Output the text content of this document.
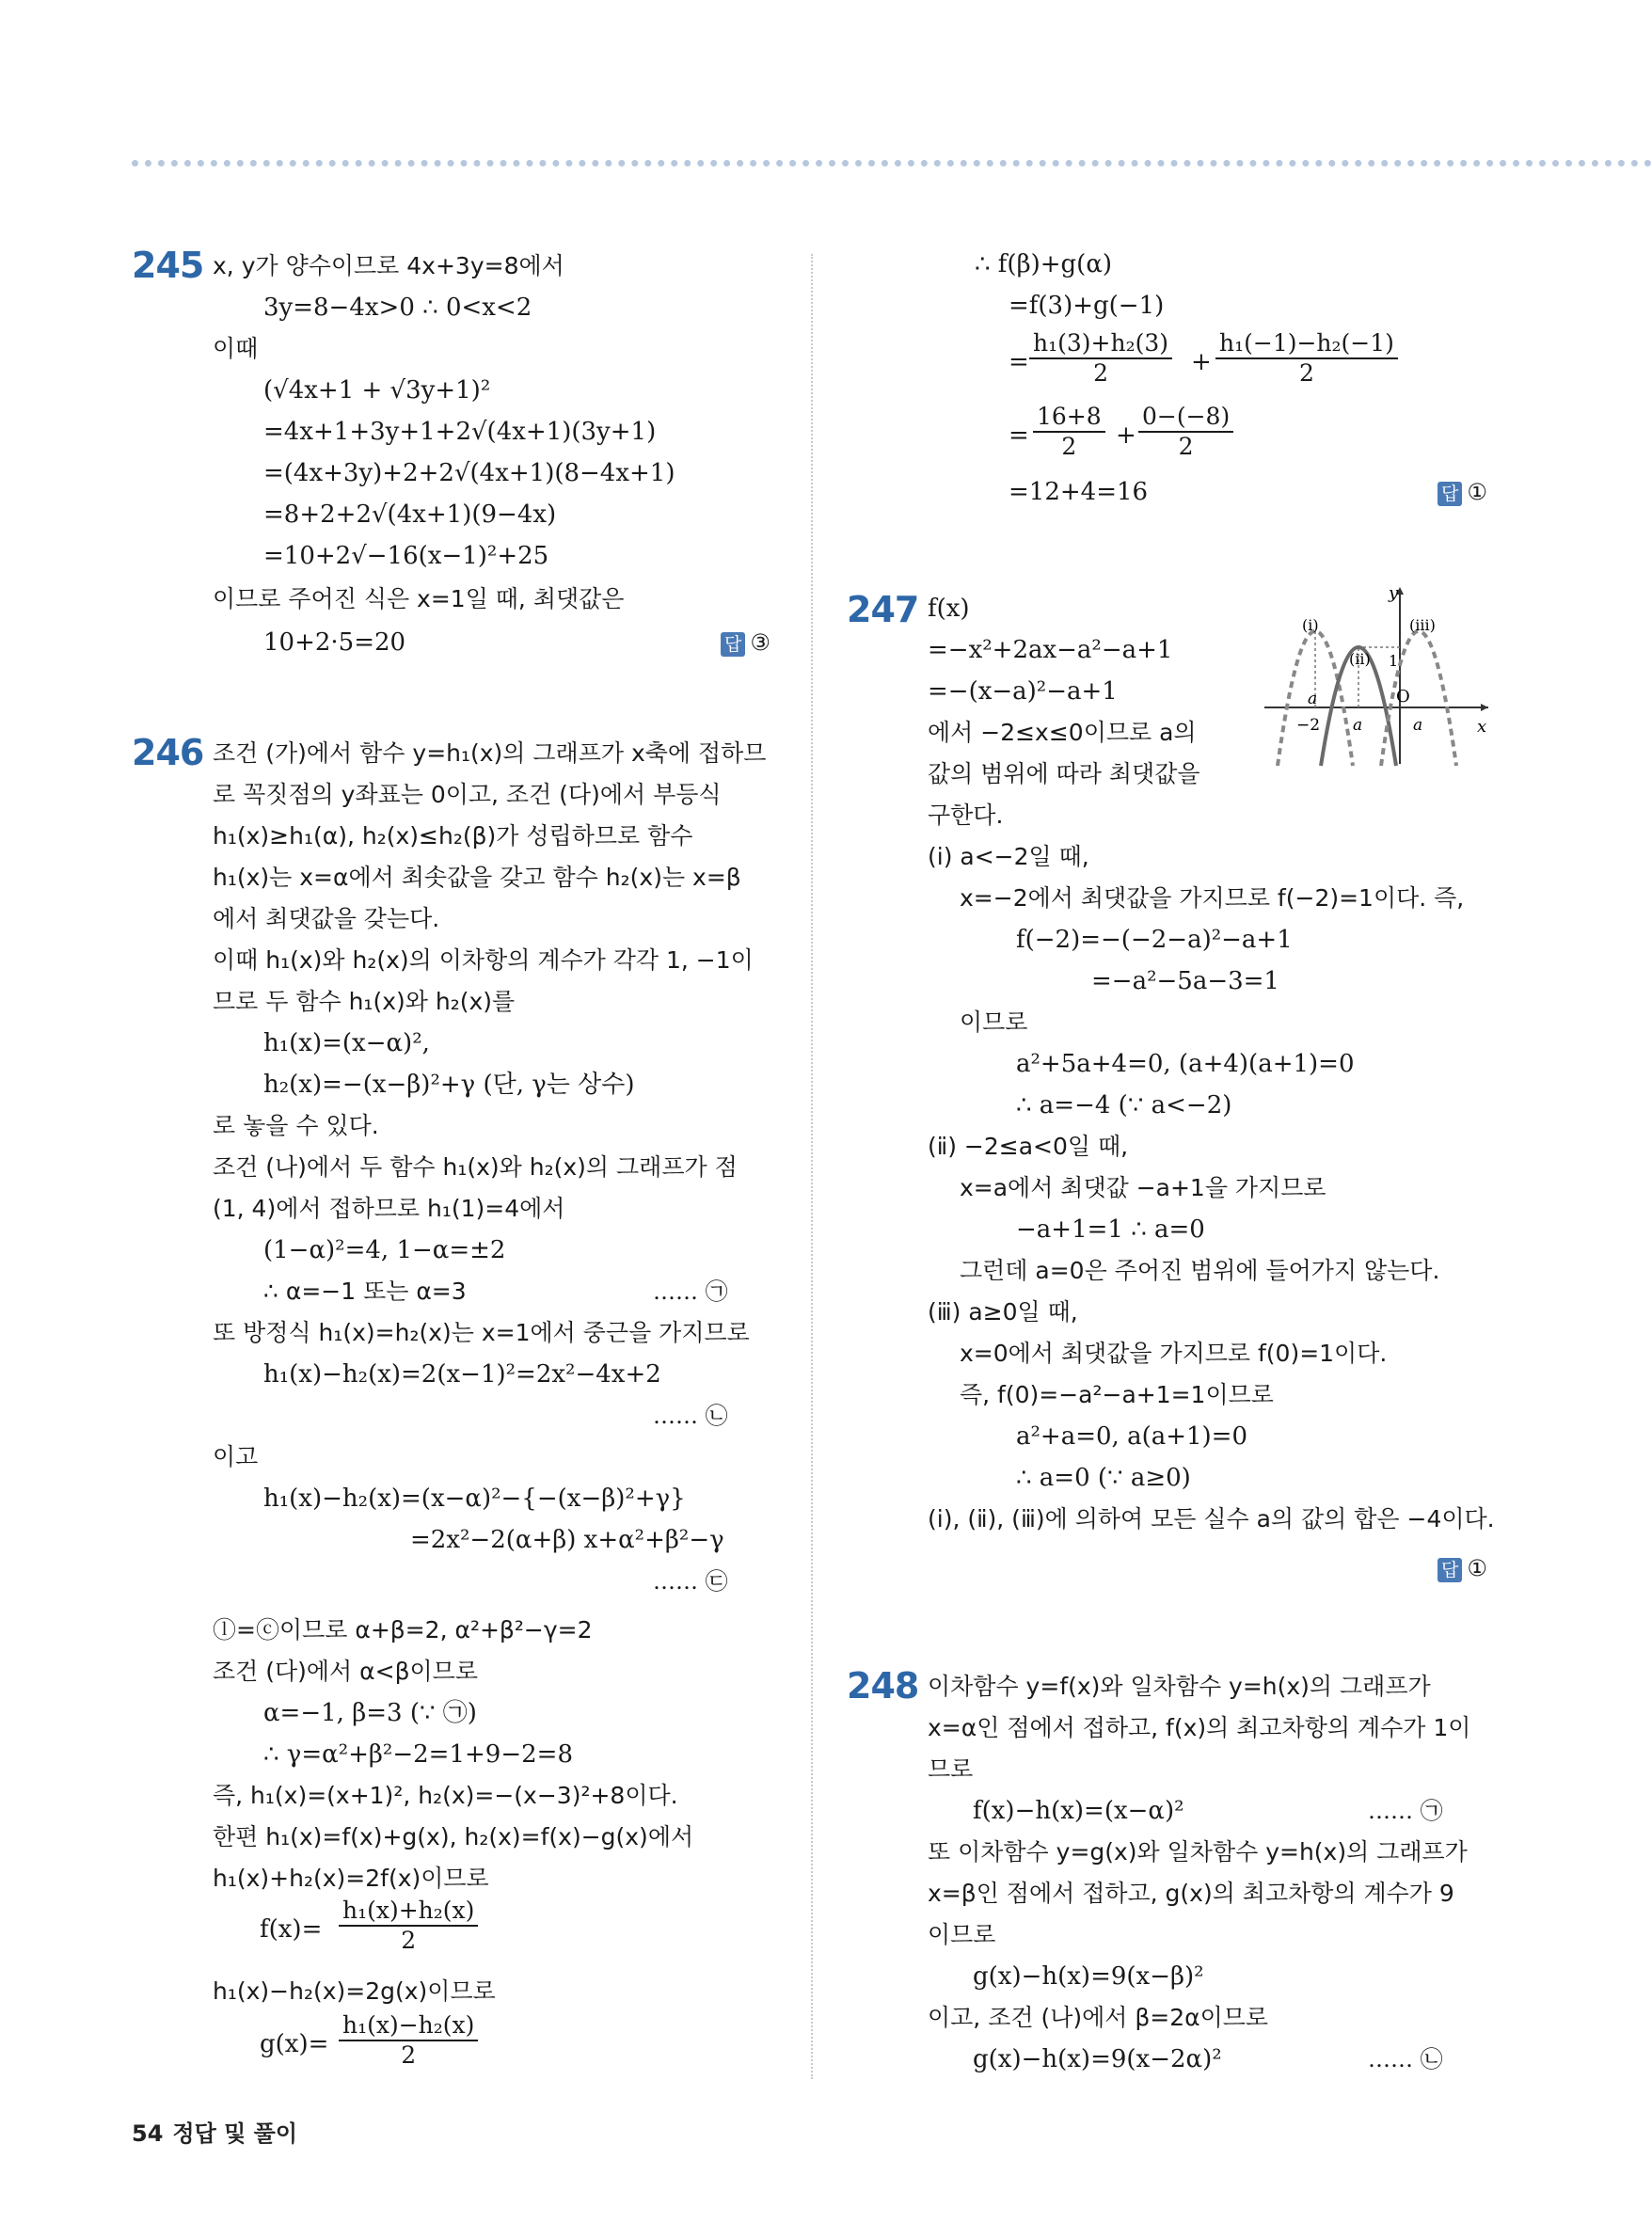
245 x, y가 양수이므로 4x+3y=8에서
3y=8−4x>0 ∴ 0<x<2
이때
(√4x+1 + √3y+1)²
=4x+1+3y+1+2√(4x+1)(3y+1)
=(4x+3y)+2+2√(4x+1)(8−4x+1)
=8+2+2√(4x+1)(9−4x)
=10+2√−16(x−1)²+25
이므로 주어진 식은 x=1일 때, 최댓값은
10+2·5=20	답 ③
246 조건 (가)에서 함수 y=h₁(x)의 그래프가 x축에 접하므
로 꼭짓점의 y좌표는 0이고, 조건 (다)에서 부등식
h₁(x)≥h₁(α), h₂(x)≤h₂(β)가 성립하므로 함수
h₁(x)는 x=α에서 최솟값을 갖고 함수 h₂(x)는 x=β
에서 최댓값을 갖는다.
이때 h₁(x)와 h₂(x)의 이차항의 계수가 각각 1, −1이
므로 두 함수 h₁(x)와 h₂(x)를
h₁(x)=(x−α)²,
h₂(x)=−(x−β)²+γ (단, γ는 상수)
로 놓을 수 있다.
조건 (나)에서 두 함수 h₁(x)와 h₂(x)의 그래프가 점
(1, 4)에서 접하므로 h₁(1)=4에서
(1−α)²=4, 1−α=±2
∴ α=−1 또는 α=3	…… ㉠
또 방정식 h₁(x)=h₂(x)는 x=1에서 중근을 가지므로
h₁(x)−h₂(x)=2(x−1)²=2x²−4x+2
…… ㉡
이고
h₁(x)−h₂(x)=(x−α)²−{−(x−β)²+γ}
=2x²−2(α+β) x+α²+β²−γ
…… ㉢
ⓛ=ⓒ이므로 α+β=2, α²+β²−γ=2
조건 (다)에서 α<β이므로
α=−1, β=3 (∵ ㉠)
∴ γ=α²+β²−2=1+9−2=8
즉, h₁(x)=(x+1)², h₂(x)=−(x−3)²+8이다.
한편 h₁(x)=f(x)+g(x), h₂(x)=f(x)−g(x)에서
h₁(x)+h₂(x)=2f(x)이므로
$f(x)= \frac{\text{h₁(x)+h₂(x)}}{2}$
h₁(x)−h₂(x)=2g(x)이므로
$g(x)= \frac{\text{h₁(x)−h₂(x)}}{2}$
∴ f(β)+g(α)
=f(3)+g(−1)
= $\frac{\text{h₁(3)+h₂(3)}}{2} + \frac{\text{h₁(−1)−h₂(−1)}}{2}$
= $\frac{16+8}{2} + \frac{0-(-8)}{2}$
=12+4=16	답 ①
247 f(x)
=−x²+2ax−a²−a+1
=−(x−a)²−a+1
에서 −2≤x≤0이므로 a의
값의 범위에 따라 최댓값을
구한다.
y
x
O
(ⅰ)
(ⅱ)
(ⅲ)
1
−2
a
a	a
(ⅰ) a<−2일 때,
x=−2에서 최댓값을 가지므로 f(−2)=1이다. 즉,
f(−2)=−(−2−a)²−a+1
=−a²−5a−3=1
이므로
a²+5a+4=0, (a+4)(a+1)=0
∴ a=−4 (∵ a<−2)
(ⅱ) −2≤a<0일 때,
x=a에서 최댓값 −a+1을 가지므로
−a+1=1 ∴ a=0
그런데 a=0은 주어진 범위에 들어가지 않는다.
(ⅲ) a≥0일 때,
x=0에서 최댓값을 가지므로 f(0)=1이다.
즉, f(0)=−a²−a+1=1이므로
a²+a=0, a(a+1)=0
∴ a=0 (∵ a≥0)
(ⅰ), (ⅱ), (ⅲ)에 의하여 모든 실수 a의 값의 합은 −4이다.
답 ①
248 이차함수 y=f(x)와 일차함수 y=h(x)의 그래프가
x=α인 점에서 접하고, f(x)의 최고차항의 계수가 1이
므로
f(x)−h(x)=(x−α)²	…… ㉠
또 이차함수 y=g(x)와 일차함수 y=h(x)의 그래프가
x=β인 점에서 접하고, g(x)의 최고차항의 계수가 9
이므로
g(x)−h(x)=9(x−β)²
이고, 조건 (나)에서 β=2α이므로
g(x)−h(x)=9(x−2α)²	…… ㉡
54 정답 및 풀이
